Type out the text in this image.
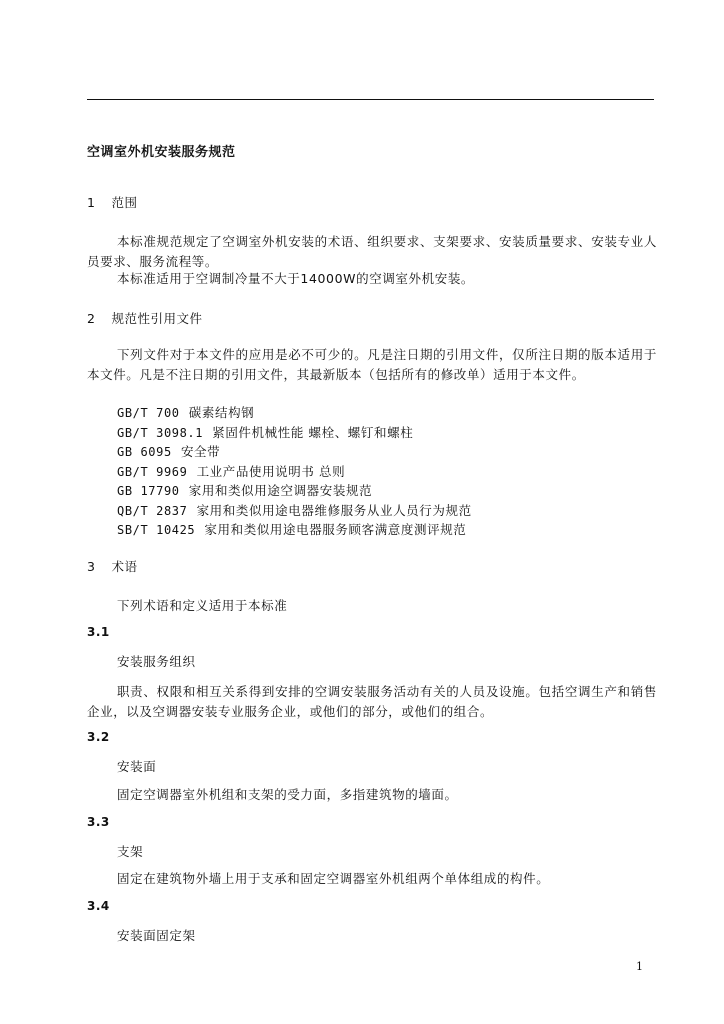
空调室外机安装服务规范
1 范围

本标准规范规定了空调室外机安装的术语、组织要求、支架要求、安装质量要求、安装专业人员要求、服务流程等。

本标准适用于空调制冷量不大于14000W的空调室外机安装。

2 规范性引用文件

下列文件对于本文件的应用是必不可少的。凡是注日期的引用文件，仅所注日期的版本适用于本文件。凡是不注日期的引用文件，其最新版本（包括所有的修改单）适用于本文件。

GB/T 700 碳素结构钢
GB/T 3098.1 紧固件机械性能 螺栓、螺钉和螺柱
GB 6095 安全带
GB/T 9969 工业产品使用说明书 总则
GB 17790 家用和类似用途空调器安装规范
QB/T 2837 家用和类似用途电器维修服务从业人员行为规范
SB/T 10425 家用和类似用途电器服务顾客满意度测评规范
3 术语
下列术语和定义适用于本标准
3.1
安装服务组织

职责、权限和相互关系得到安排的空调安装服务活动有关的人员及设施。包括空调生产和销售企业，以及空调器安装专业服务企业，或他们的部分，或他们的组合。

3.2
安装面

固定空调器室外机组和支架的受力面，多指建筑物的墙面。

3.3
支架

固定在建筑物外墙上用于支承和固定空调器室外机组两个单体组成的构件。

3.4
安装面固定架
1
